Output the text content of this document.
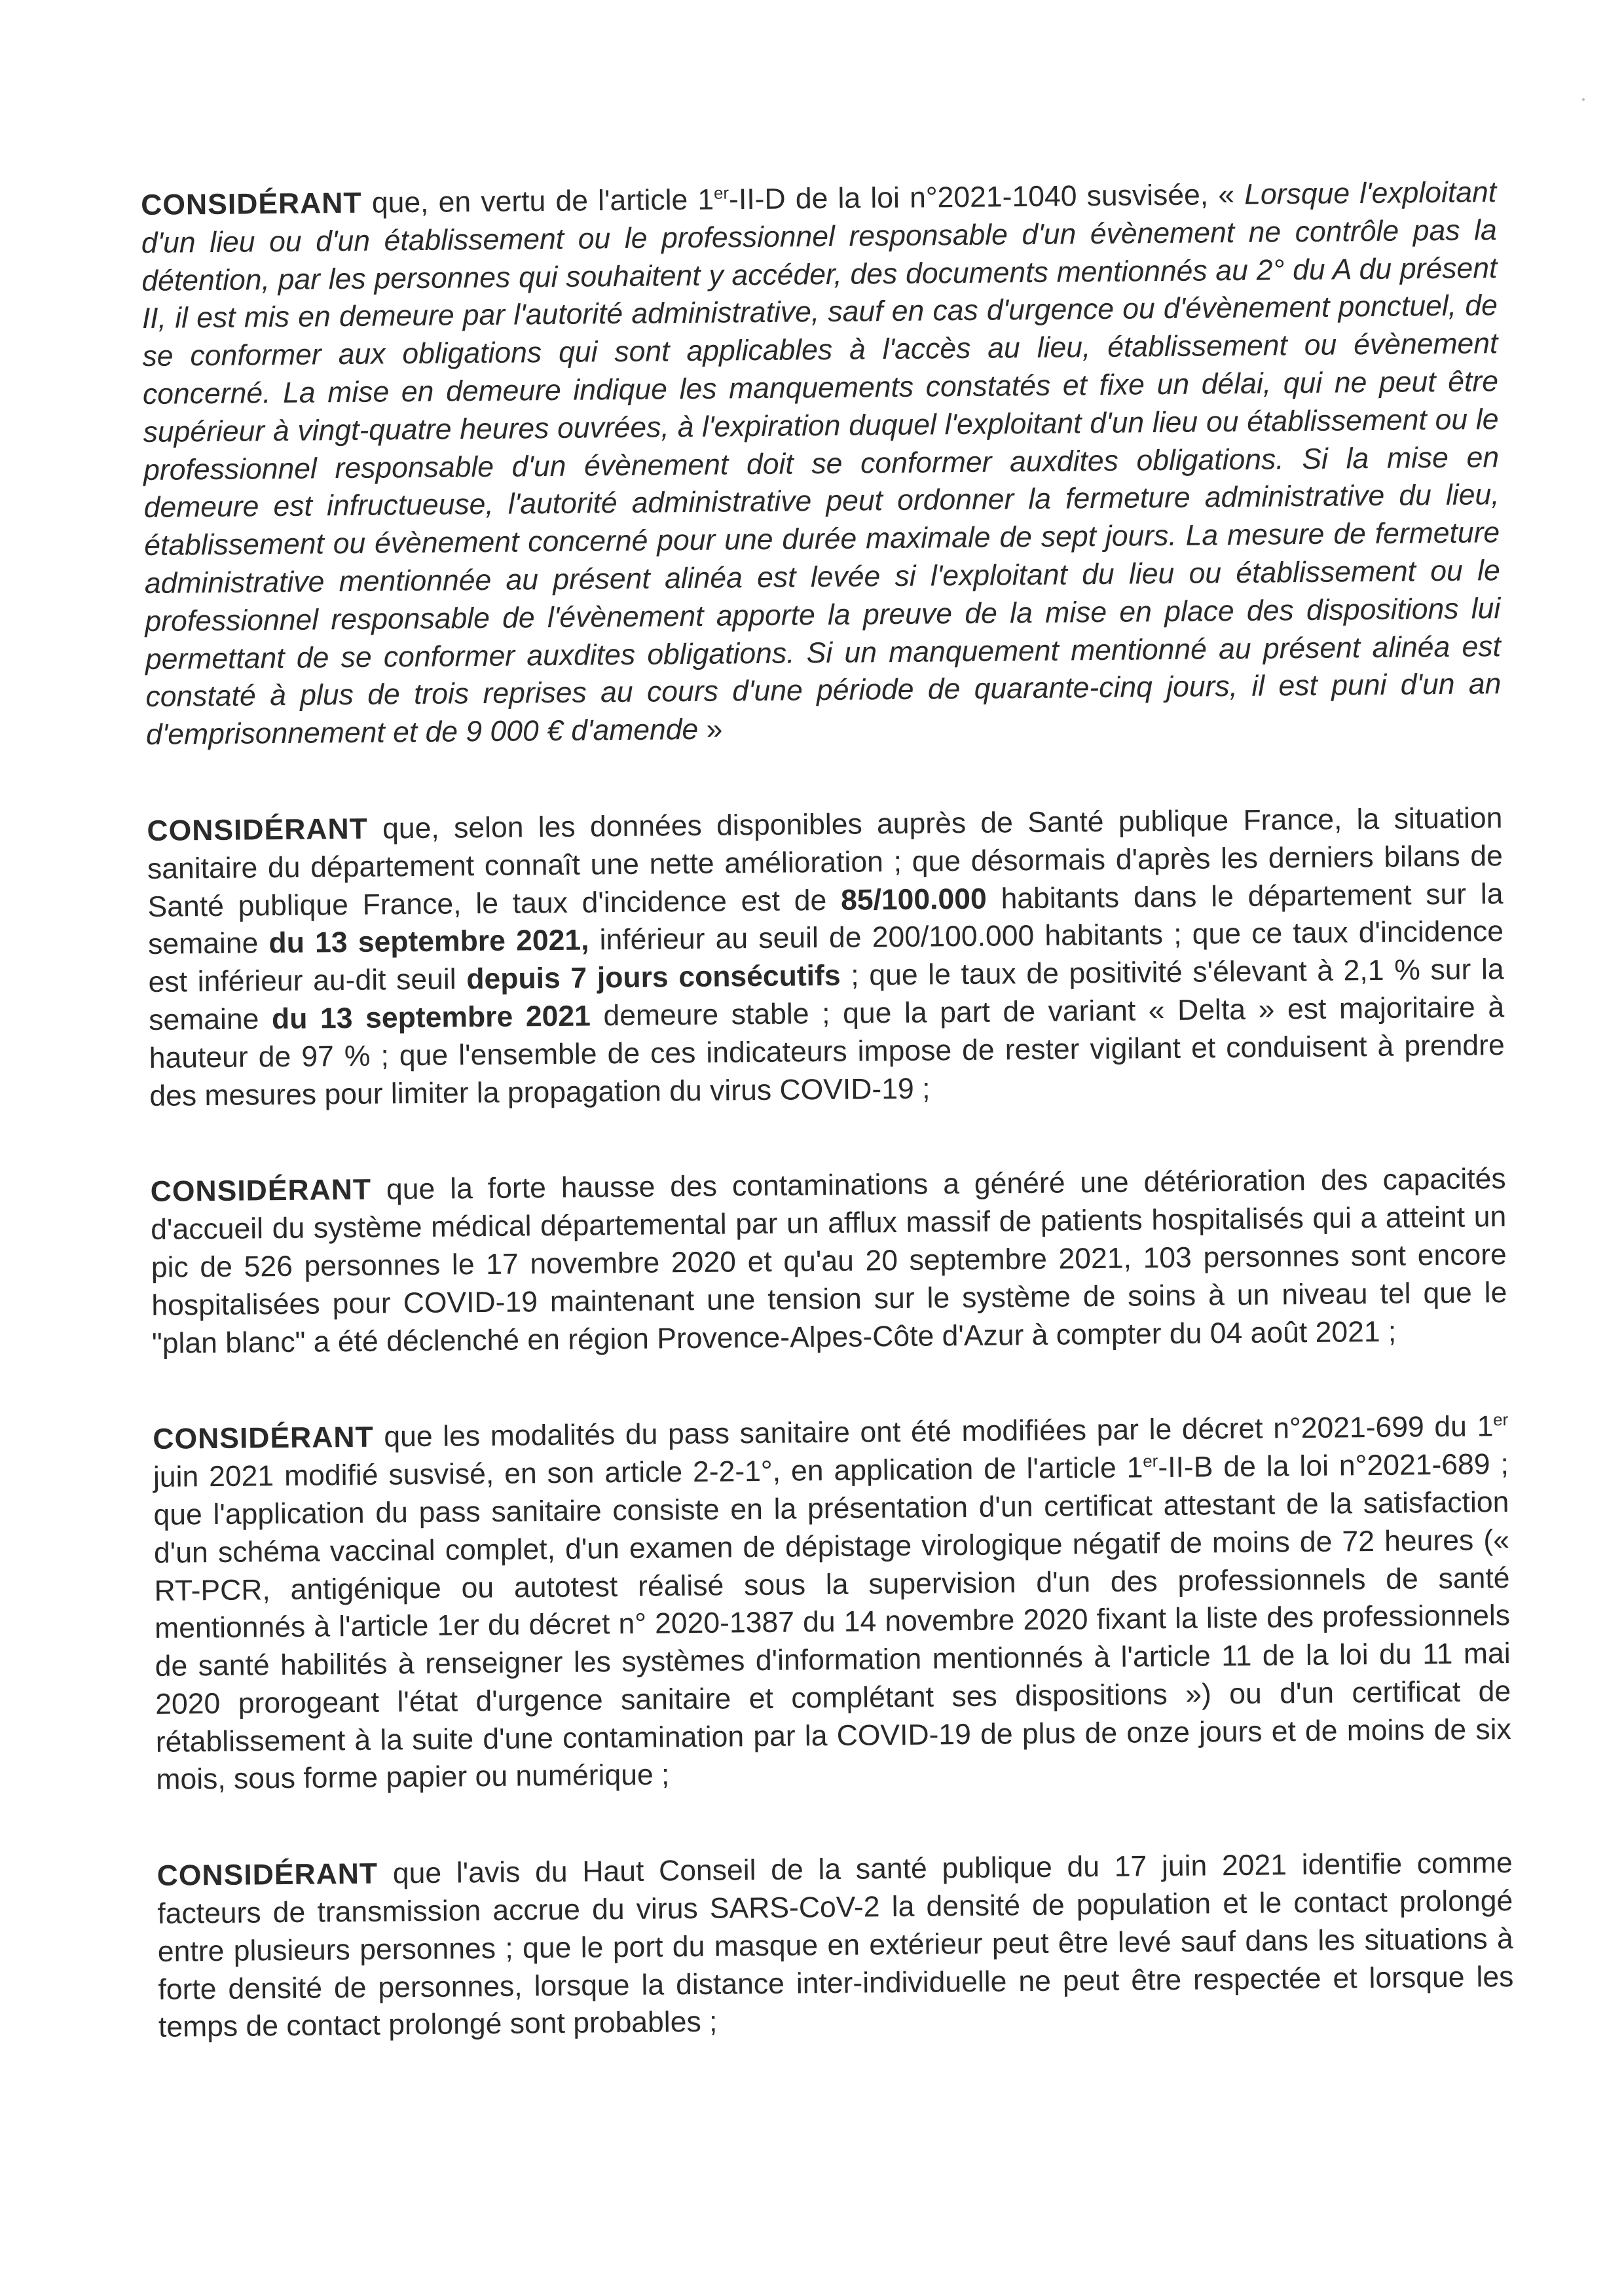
CONSIDÉRANT que, en vertu de l'article 1er-II-D de la loi n°2021-1040 susvisée, « Lorsque l'exploitant d'un lieu ou d'un établissement ou le professionnel responsable d'un évènement ne contrôle pas la détention, par les personnes qui souhaitent y accéder, des documents mentionnés au 2° du A du présent II, il est mis en demeure par l'autorité administrative, sauf en cas d'urgence ou d'évènement ponctuel, de se conformer aux obligations qui sont applicables à l'accès au lieu, établissement ou évènement concerné. La mise en demeure indique les manquements constatés et fixe un délai, qui ne peut être supérieur à vingt-quatre heures ouvrées, à l'expiration duquel l'exploitant d'un lieu ou établissement ou le professionnel responsable d'un évènement doit se conformer auxdites obligations. Si la mise en demeure est infructueuse, l'autorité administrative peut ordonner la fermeture administrative du lieu, établissement ou évènement concerné pour une durée maximale de sept jours. La mesure de fermeture administrative mentionnée au présent alinéa est levée si l'exploitant du lieu ou établissement ou le professionnel responsable de l'évènement apporte la preuve de la mise en place des dispositions lui permettant de se conformer auxdites obligations. Si un manquement mentionné au présent alinéa est constaté à plus de trois reprises au cours d'une période de quarante-cinq jours, il est puni d'un an d'emprisonnement et de 9 000 € d'amende »

CONSIDÉRANT que, selon les données disponibles auprès de Santé publique France, la situation sanitaire du département connaît une nette amélioration ; que désormais d'après les derniers bilans de Santé publique France, le taux d'incidence est de 85/100.000 habitants dans le département sur la semaine du 13 septembre 2021, inférieur au seuil de 200/100.000 habitants ; que ce taux d'incidence est inférieur au-dit seuil depuis 7 jours consécutifs ; que le taux de positivité s'élevant à 2,1 % sur la semaine du 13 septembre 2021 demeure stable ; que la part de variant « Delta » est majoritaire à hauteur de 97 % ; que l'ensemble de ces indicateurs impose de rester vigilant et conduisent à prendre des mesures pour limiter la propagation du virus COVID-19 ;

CONSIDÉRANT que la forte hausse des contaminations a généré une détérioration des capacités d'accueil du système médical départemental par un afflux massif de patients hospitalisés qui a atteint un pic de 526 personnes le 17 novembre 2020 et qu'au 20 septembre 2021, 103 personnes sont encore hospitalisées pour COVID-19 maintenant une tension sur le système de soins à un niveau tel que le "plan blanc" a été déclenché en région Provence-Alpes-Côte d'Azur à compter du 04 août 2021 ;

CONSIDÉRANT que les modalités du pass sanitaire ont été modifiées par le décret n°2021-699 du 1er juin 2021 modifié susvisé, en son article 2-2-1°, en application de l'article 1er-II-B de la loi n°2021-689 ; que l'application du pass sanitaire consiste en la présentation d'un certificat attestant de la satisfaction d'un schéma vaccinal complet, d'un examen de dépistage virologique négatif de moins de 72 heures (« RT-PCR, antigénique ou autotest réalisé sous la supervision d'un des professionnels de santé mentionnés à l'article 1er du décret n° 2020-1387 du 14 novembre 2020 fixant la liste des professionnels de santé habilités à renseigner les systèmes d'information mentionnés à l'article 11 de la loi du 11 mai 2020 prorogeant l'état d'urgence sanitaire et complétant ses dispositions ») ou d'un certificat de rétablissement à la suite d'une contamination par la COVID-19 de plus de onze jours et de moins de six mois, sous forme papier ou numérique ;

CONSIDÉRANT que l'avis du Haut Conseil de la santé publique du 17 juin 2021 identifie comme facteurs de transmission accrue du virus SARS-CoV-2 la densité de population et le contact prolongé entre plusieurs personnes ; que le port du masque en extérieur peut être levé sauf dans les situations à forte densité de personnes, lorsque la distance inter-individuelle ne peut être respectée et lorsque les temps de contact prolongé sont probables ;
